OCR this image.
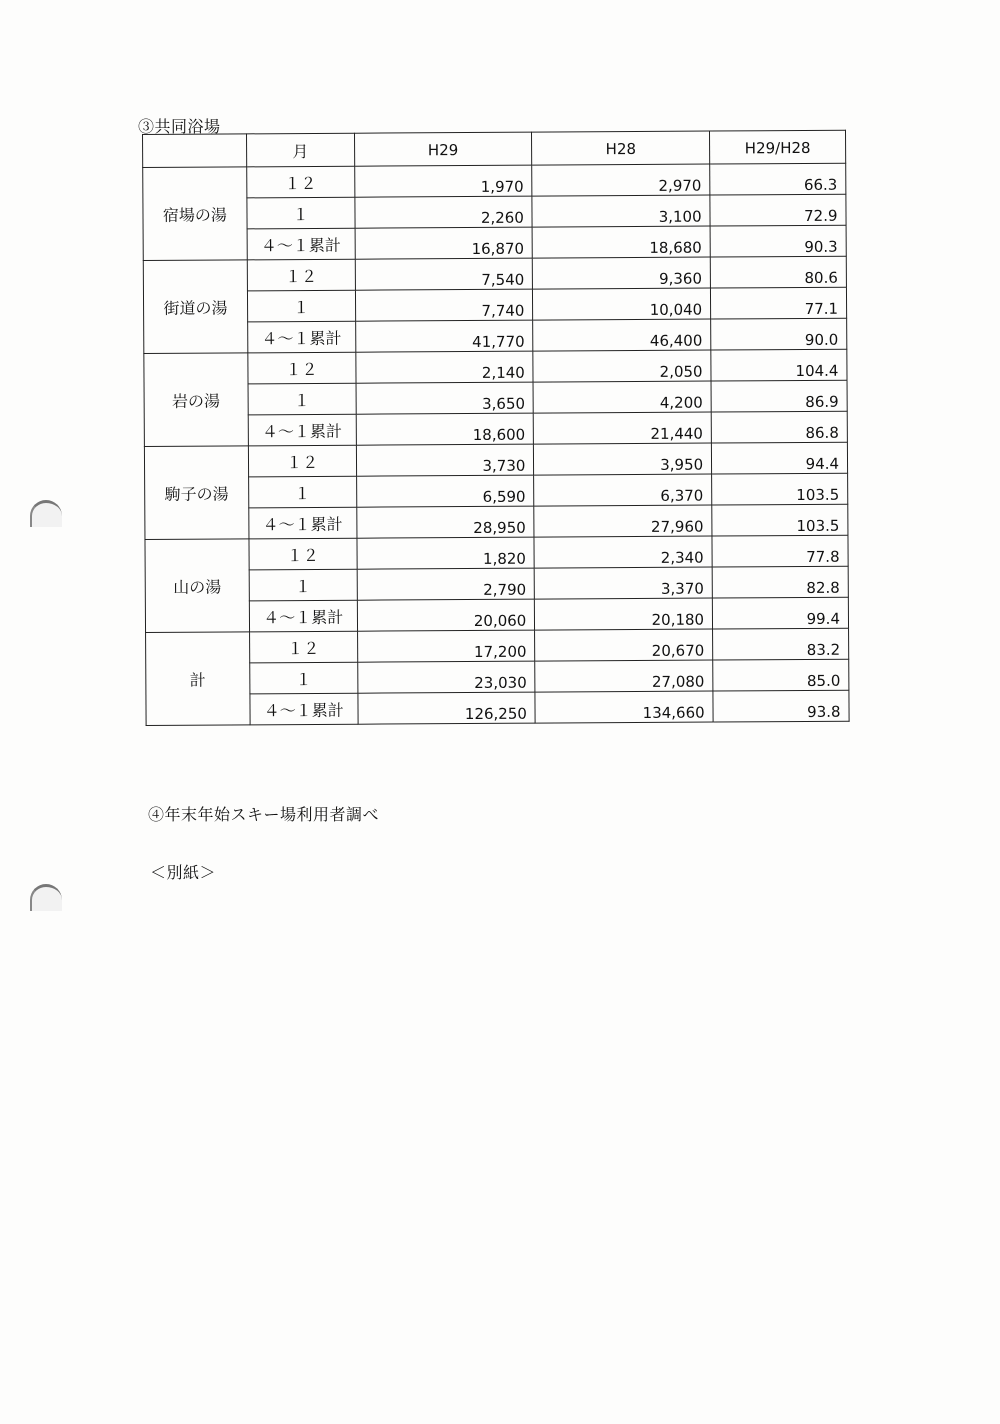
③共同浴場
	月	H29	H28	H29/H28
宿場の湯	１２	1,970	2,970	66.3
	１	2,260	3,100	72.9
	４～１累計	16,870	18,680	90.3
街道の湯	１２	7,540	9,360	80.6
	１	7,740	10,040	77.1
	４～１累計	41,770	46,400	90.0
岩の湯	１２	2,140	2,050	104.4
	１	3,650	4,200	86.9
	４～１累計	18,600	21,440	86.8
駒子の湯	１２	3,730	3,950	94.4
	１	6,590	6,370	103.5
	４～１累計	28,950	27,960	103.5
山の湯	１２	1,820	2,340	77.8
	１	2,790	3,370	82.8
	４～１累計	20,060	20,180	99.4
計	１２	17,200	20,670	83.2
	１	23,030	27,080	85.0
	４～１累計	126,250	134,660	93.8
④年末年始スキー場利用者調べ
＜別紙＞
